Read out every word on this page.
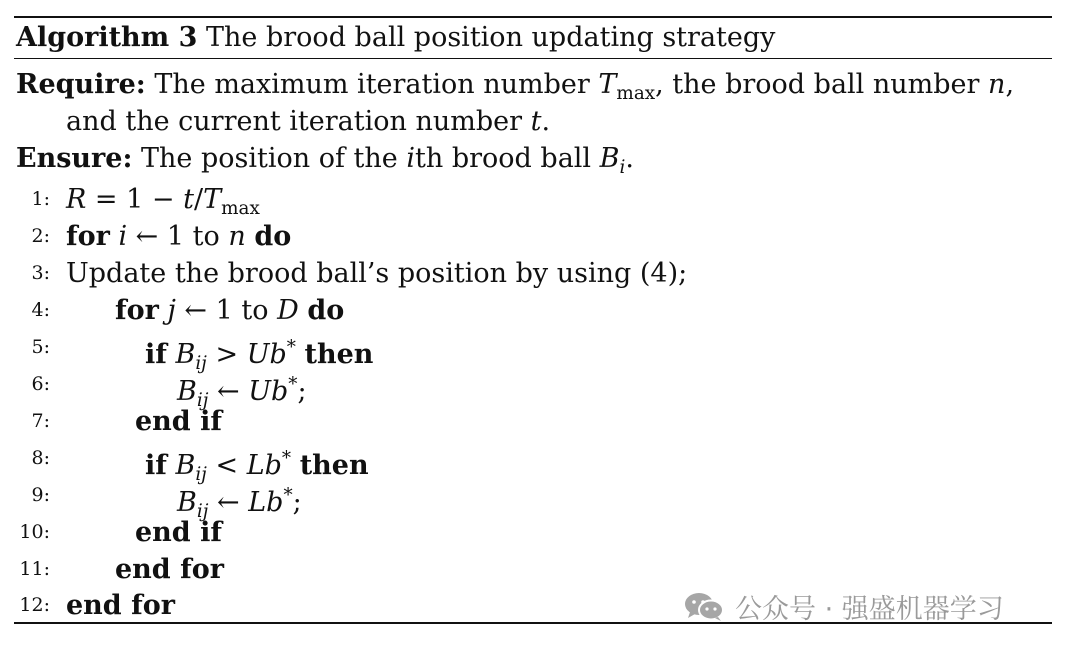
Algorithm 3 The brood ball position updating strategy
Require: The maximum iteration number $T_{max}$, the brood ball number n,
and the current iteration number t.
Ensure: The position of the ith brood ball $B_i$.
1: $R = 1 - t/T_{max}$
2: for i ← 1 to n do
3: Update the brood ball’s position by using (4);
4: for j ← 1 to D do
5:	if $B_{ij} > Ub^*$ then
6:	$B_{ij}$ ← Ub*;
7:	end if
8:	if $B_{ij} < Lb^*$ then
9:	$B_{ij}$ ← Lb*;
10:	end if
11: end for
12: end for	公众号 · 强盛机器学习
